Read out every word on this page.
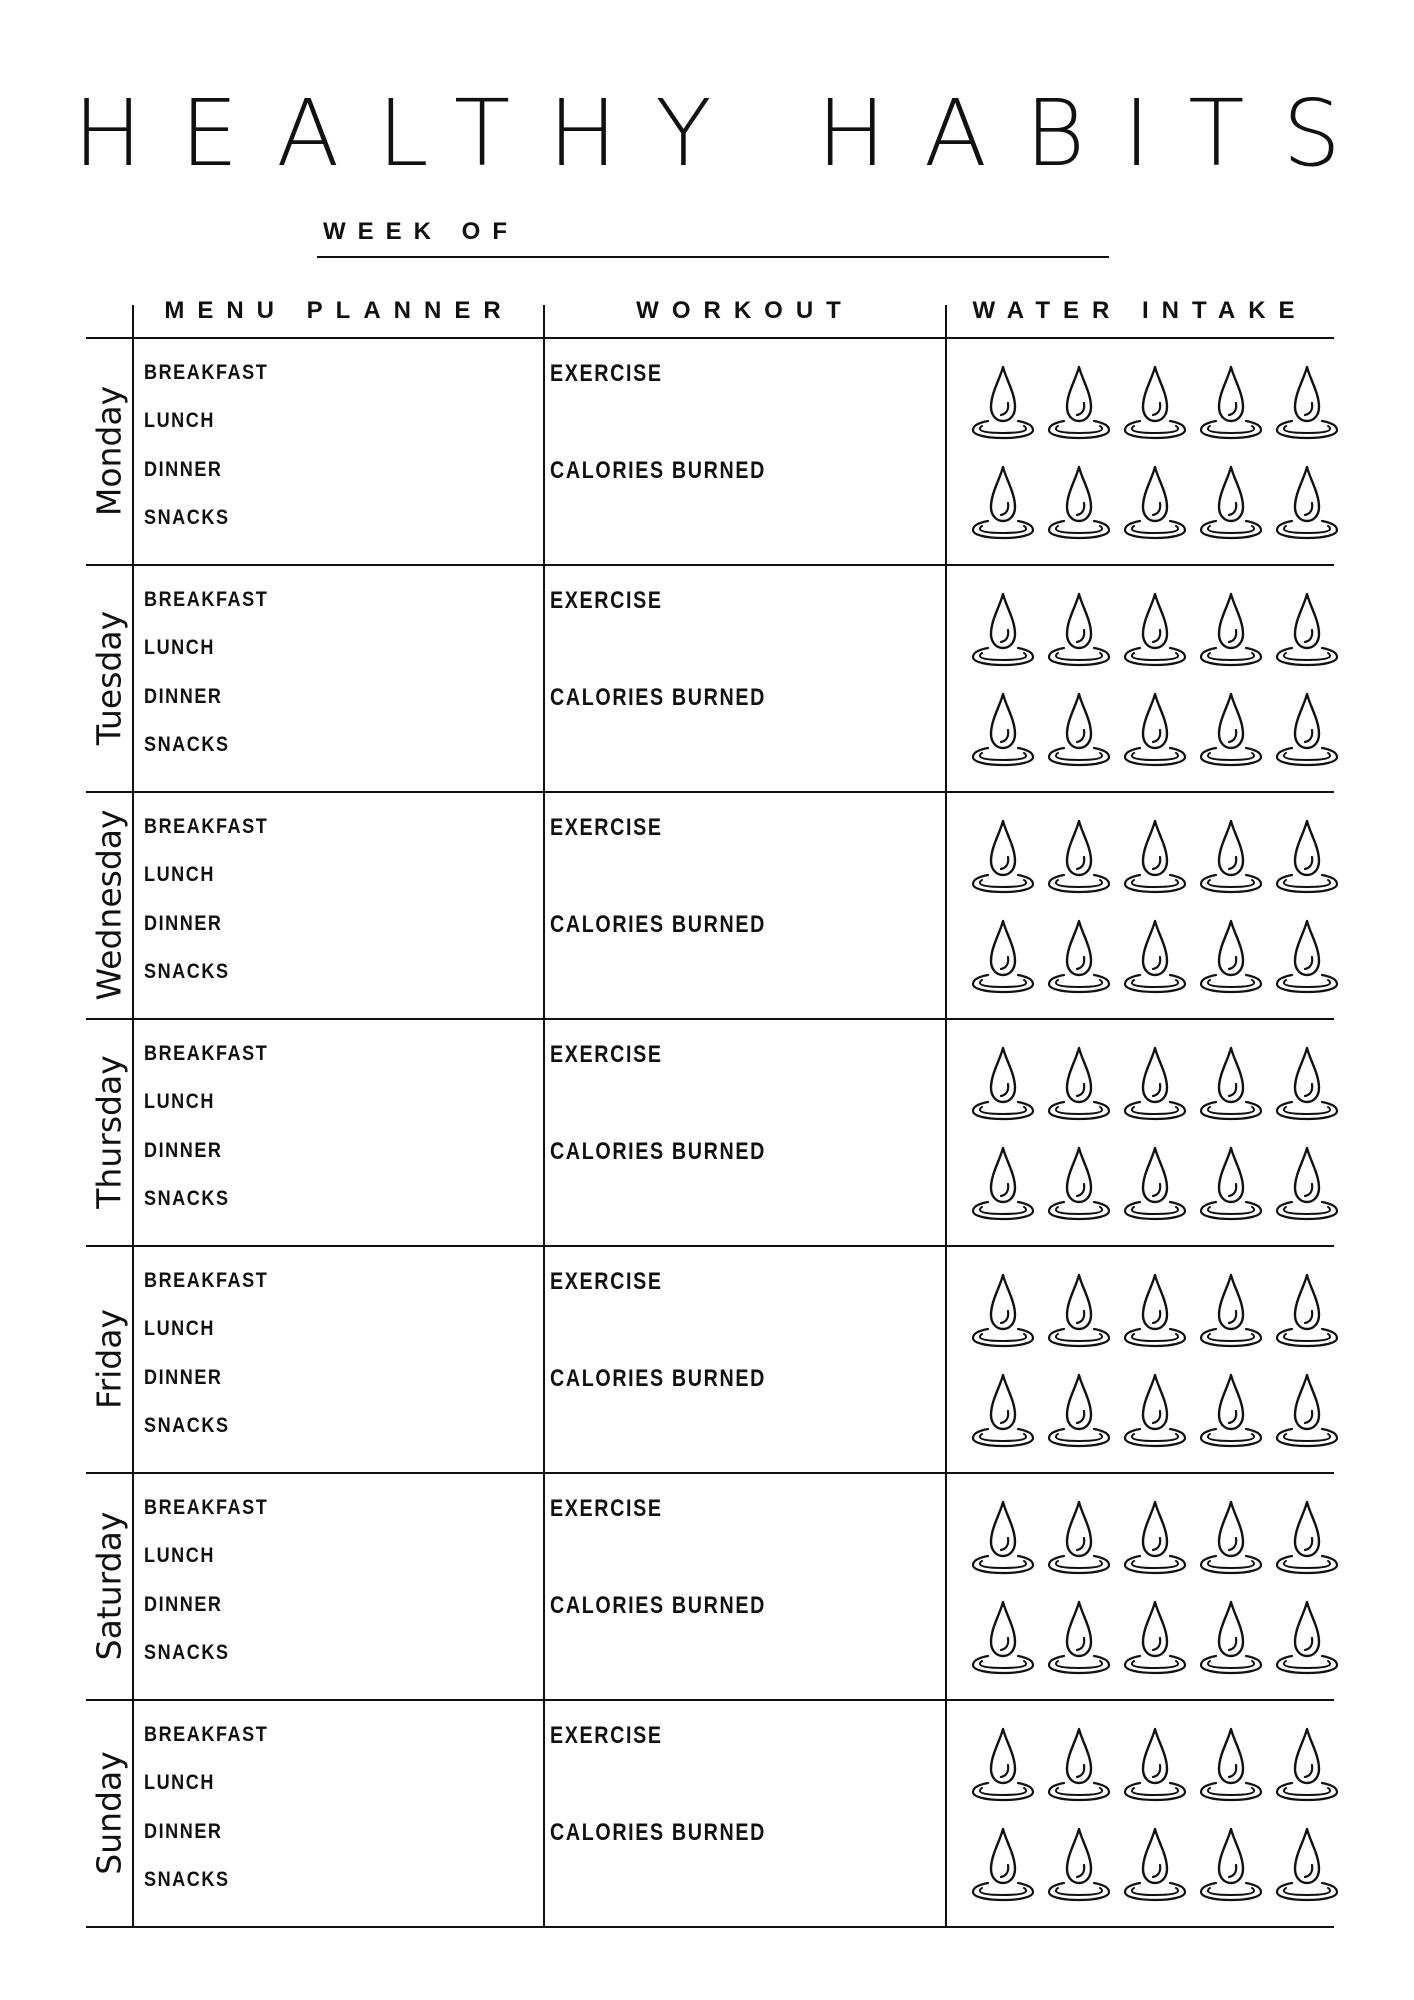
HEALTHY HABITS
WEEK OF
MENU PLANNER	WORKOUT	WATER INTAKE
Monday
BREAKFAST
LUNCH
DINNER
SNACKS
EXERCISE
CALORIES BURNED
Tuesday
BREAKFAST
LUNCH
DINNER
SNACKS
EXERCISE
CALORIES BURNED
Wednesday BREAKFAST
LUNCH
DINNER
SNACKS
EXERCISE
CALORIES BURNED
Thursday
BREAKFAST
LUNCH
DINNER
SNACKS
EXERCISE
CALORIES BURNED
Friday
BREAKFAST
LUNCH
DINNER
SNACKS
EXERCISE
CALORIES BURNED
Saturday
BREAKFAST
LUNCH
DINNER
SNACKS
EXERCISE
CALORIES BURNED
Sunday
BREAKFAST
LUNCH
DINNER
SNACKS
EXERCISE
CALORIES BURNED
